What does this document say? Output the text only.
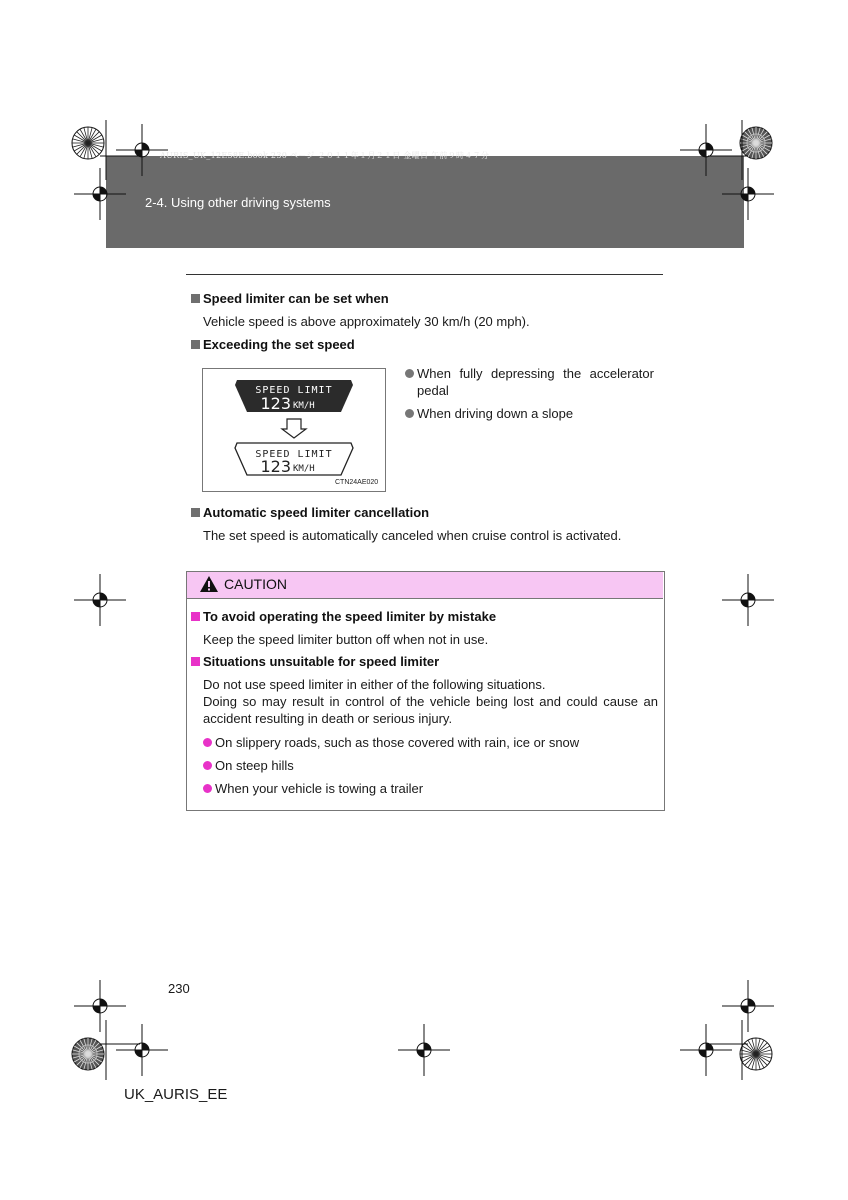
AURIS_UK_12E58E.book 230 ページ ２０１１年１月２１日 金曜日 午前９時４７分
2-4. Using other driving systems
Speed limiter can be set when
Vehicle speed is above approximately 30 km/h (20 mph).
Exceeding the set speed
SPEED LIMIT
123 KM/H
SPEED LIMIT
123 KM/H
CTN24AE020
When fully depressing the accelerator
pedal
When driving down a slope
Automatic speed limiter cancellation
The set speed is automatically canceled when cruise control is activated.
CAUTION
To avoid operating the speed limiter by mistake
Keep the speed limiter button off when not in use.
Situations unsuitable for speed limiter
Do not use speed limiter in either of the following situations.
Doing so may result in control of the vehicle being lost and could cause an accident resulting in death or serious injury.
On slippery roads, such as those covered with rain, ice or snow
On steep hills
When your vehicle is towing a trailer
230
UK_AURIS_EE
